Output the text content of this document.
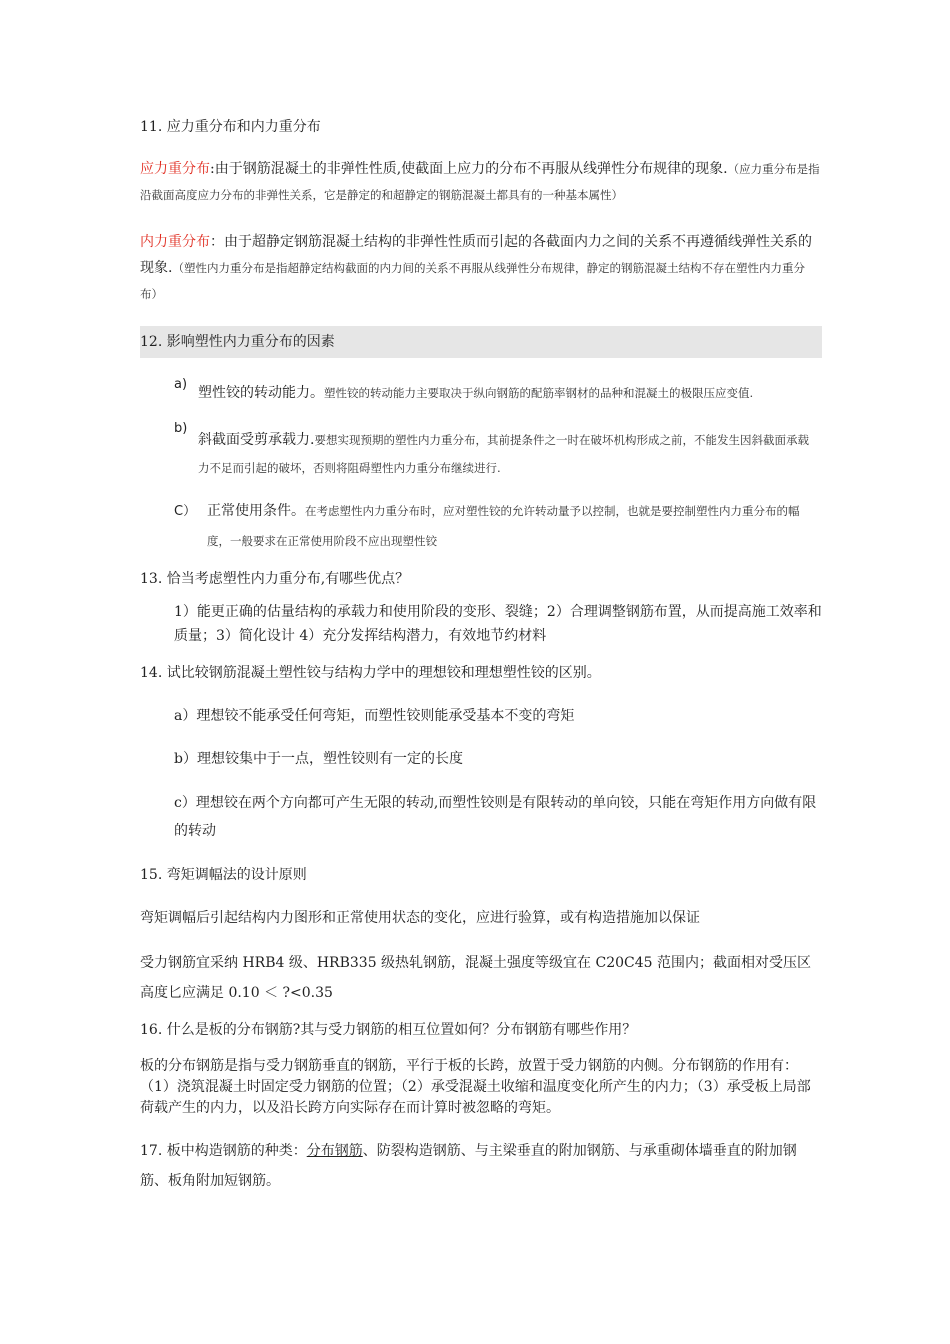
11. 应力重分布和内力重分布
应力重分布:由于钢筋混凝土的非弹性性质,使截面上应力的分布不再服从线弹性分布规律的现象.（应力重分布是指沿截面高度应力分布的非弹性关系，它是静定的和超静定的钢筋混凝土都具有的一种基本属性）
内力重分布：由于超静定钢筋混凝土结构的非弹性性质而引起的各截面内力之间的关系不再遵循线弹性关系的现象.（塑性内力重分布是指超静定结构截面的内力间的关系不再服从线弹性分布规律，静定的钢筋混凝土结构不存在塑性内力重分布）
12. 影响塑性内力重分布的因素
a)
塑性铰的转动能力。塑性铰的转动能力主要取决于纵向钢筋的配筋率钢材的品种和混凝土的极限压应变值.
b)
斜截面受剪承载力.要想实现预期的塑性内力重分布，其前提条件之一时在破坏机构形成之前，不能发生因斜截面承载力不足而引起的破坏，否则将阻碍塑性内力重分布继续进行.
C） 正常使用条件。在考虑塑性内力重分布时，应对塑性铰的允许转动量予以控制，也就是要控制塑性内力重分布的幅度，一般要求在正常使用阶段不应出现塑性铰
13. 恰当考虑塑性内力重分布,有哪些优点？
1）能更正确的估量结构的承载力和使用阶段的变形、裂缝；2）合理调整钢筋布置，从而提高施工效率和质量；3）简化设计 4）充分发挥结构潜力，有效地节约材料
14. 试比较钢筋混凝土塑性铰与结构力学中的理想铰和理想塑性铰的区别。
a）理想铰不能承受任何弯矩，而塑性铰则能承受基本不变的弯矩
b）理想铰集中于一点，塑性铰则有一定的长度
c）理想铰在两个方向都可产生无限的转动,而塑性铰则是有限转动的单向铰，只能在弯矩作用方向做有限的转动
15. 弯矩调幅法的设计原则
弯矩调幅后引起结构内力图形和正常使用状态的变化，应进行验算，或有构造措施加以保证
受力钢筋宜采纳 HRB4 级、HRB335 级热轧钢筋，混凝土强度等级宜在 C20C45 范围内；截面相对受压区高度匕应满足 0.10 ＜ ?<0.35
16. 什么是板的分布钢筋?其与受力钢筋的相互位置如何？分布钢筋有哪些作用？
板的分布钢筋是指与受力钢筋垂直的钢筋，平行于板的长跨，放置于受力钢筋的内侧。分布钢筋的作用有：（1）浇筑混凝土时固定受力钢筋的位置；（2）承受混凝土收缩和温度变化所产生的内力；（3）承受板上局部荷载产生的内力，以及沿长跨方向实际存在而计算时被忽略的弯矩。
17. 板中构造钢筋的种类：分布钢筋、防裂构造钢筋、与主梁垂直的附加钢筋、与承重砌体墙垂直的附加钢筋、板角附加短钢筋。
